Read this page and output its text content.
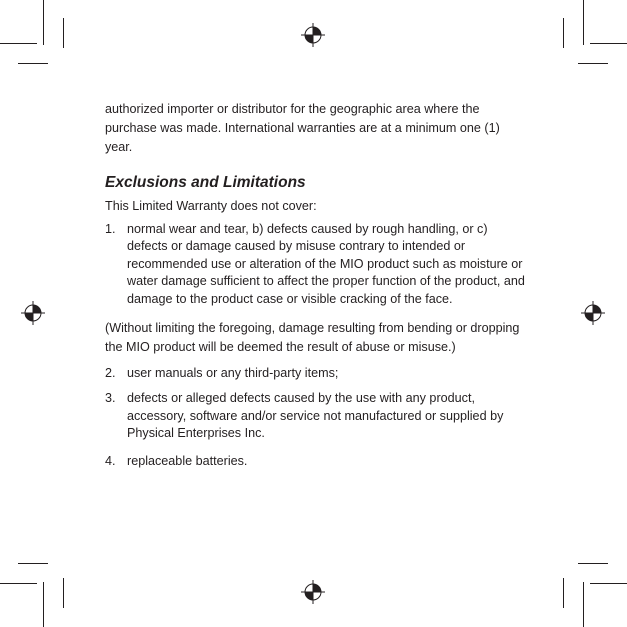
authorized importer or distributor for the geographic area where the purchase was made. International warranties are at a minimum one (1) year.

Exclusions and Limitations

This Limited Warranty does not cover:

1. normal wear and tear, b) defects caused by rough handling, or c) defects or damage caused by misuse contrary to intended or recommended use or alteration of the MIO product such as moisture or water damage sufficient to affect the proper function of the product, and damage to the product case or visible cracking of the face.

(Without limiting the foregoing, damage resulting from bending or dropping the MIO product will be deemed the result of abuse or misuse.)

2. user manuals or any third-party items;
3. defects or alleged defects caused by the use with any product, accessory, software and/or service not manufactured or supplied by Physical Enterprises Inc.
4. replaceable batteries.
